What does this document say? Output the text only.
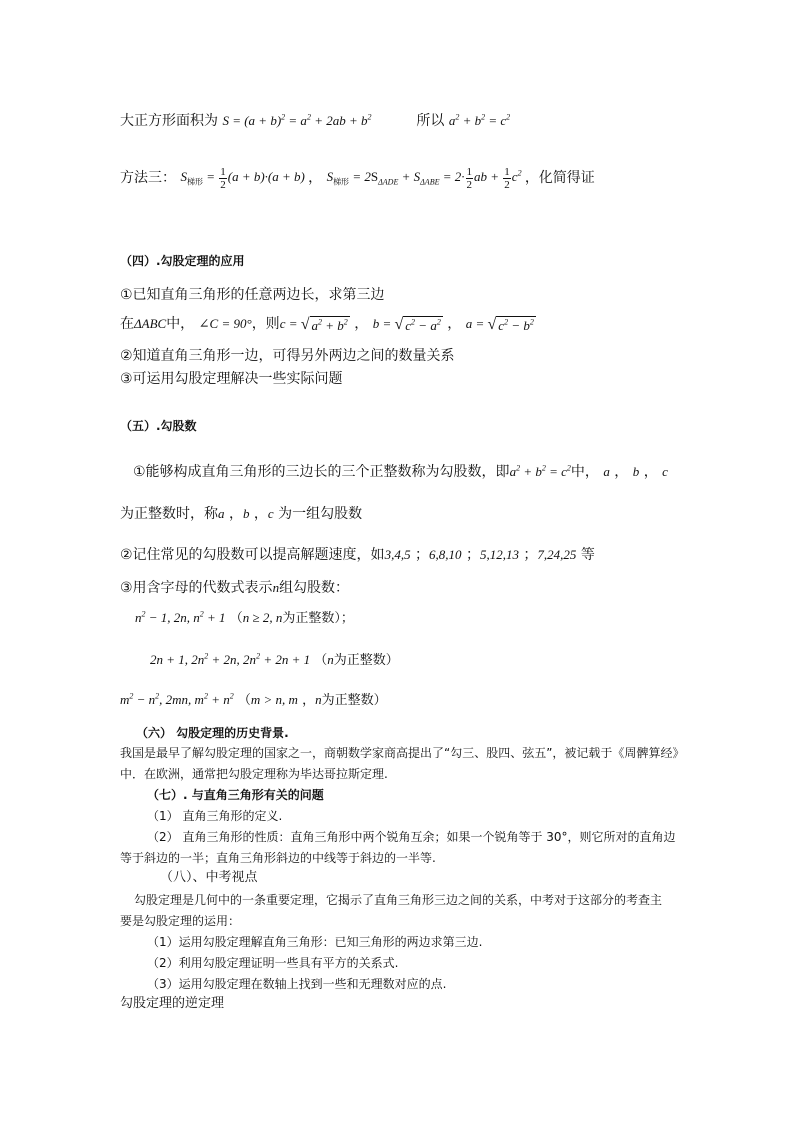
大正方形面积为 $S = (a + b)^2 = a^2 + 2ab + b^2$	所以 $a^2 + b^2 = c^2$
方法三： $S_{梯形} = \frac{1}{2} (a + b)\cdot(a + b)$ ， $S_{梯形} = 2S_{\Delta ADE} + S_{\Delta ABE} = 2\cdot \frac{1}{2}$ ab + $\frac{1}{2} c^2$ ，化简得证
（四）.勾股定理的应用
①已知直角三角形的任意两边长，求第三边
在ΔABC中， ∠C = 90°，则c = √ $a^2 + b^2$ ， b = √ $c^2 - a^2$ ， a = √ $c^2 - b^2$
②知道直角三角形一边，可得另外两边之间的数量关系
③可运用勾股定理解决一些实际问题
（五）.勾股数
①能够构成直角三角形的三边长的三个正整数称为勾股数，即$a^2 + b^2 = c^2$中， a ， b ， c
为正整数时，称a ，b ，c 为一组勾股数
②记住常见的勾股数可以提高解题速度，如3,4,5 ；6,8,10 ；5,12,13 ；7,24,25 等
③用含字母的代数式表示n组勾股数：
$n^2 - 1$, 2n, $n^2 + 1$ （n ≥ 2, n为正整数）；
2n + 1, $2n^2 + 2n$, $2n^2 + 2n + 1$ （n为正整数）
$m^2 - n^2$, 2mn, $m^2 + n^2$ （m > n, m ，n为正整数）
（六） 勾股定理的历史背景.
我国是最早了解勾股定理的国家之一，商朝数学家商高提出了“勾三、股四、弦五”，被记载于《周髀算经》
中．在欧洲，通常把勾股定理称为毕达哥拉斯定理.
（七）. 与直角三角形有关的问题
（1） 直角三角形的定义.
（2） 直角三角形的性质：直角三角形中两个锐角互余；如果一个锐角等于 30°，则它所对的直角边
等于斜边的一半；直角三角形斜边的中线等于斜边的一半等.
（八）、中考视点
勾股定理是几何中的一条重要定理，它揭示了直角三角形三边之间的关系，中考对于这部分的考查主
要是勾股定理的运用：
（1）运用勾股定理解直角三角形：已知三角形的两边求第三边.
（2）利用勾股定理证明一些具有平方的关系式.
（3）运用勾股定理在数轴上找到一些和无理数对应的点.
勾股定理的逆定理
